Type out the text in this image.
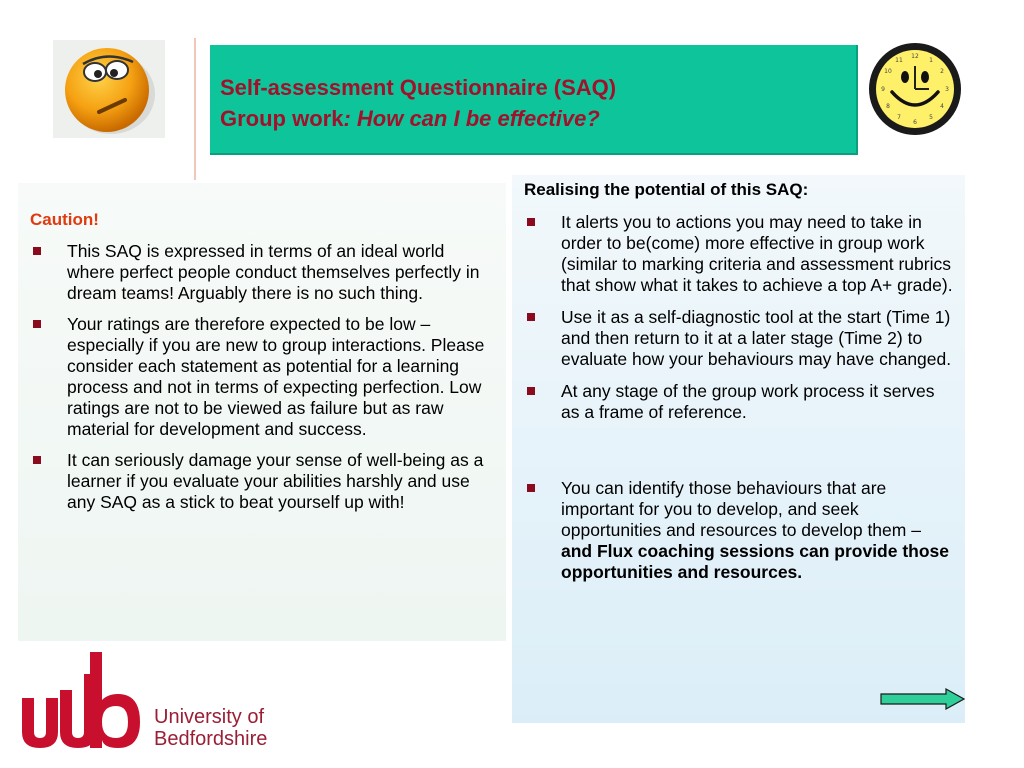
Self-assessment Questionnaire (SAQ)
Group work: How can I be effective?
12
1
2
3
4
5
6
7
8
9
10
11

Caution!

This SAQ is expressed in terms of an ideal world where perfect people conduct themselves perfectly in dream teams! Arguably there is no such thing.
Your ratings are therefore expected to be low – especially if you are new to group interactions. Please consider each statement as potential for a learning process and not in terms of expecting perfection. Low ratings are not to be viewed as failure but as raw material for development and success.
It can seriously damage your sense of well-being as a learner if you evaluate your abilities harshly and use any SAQ as a stick to beat yourself up with!

Realising the potential of this SAQ:

It alerts you to actions you may need to take in order to be(come) more effective in group work (similar to marking criteria and assessment rubrics that show what it takes to achieve a top A+ grade).
Use it as a self-diagnostic tool at the start (Time 1) and then return to it at a later stage (Time 2) to evaluate how your behaviours may have changed.
At any stage of the group work process it serves as a frame of reference.
You can identify those behaviours that are important for you to develop, and seek opportunities and resources to develop them – and Flux coaching sessions can provide those opportunities and resources.

University of
Bedfordshire
